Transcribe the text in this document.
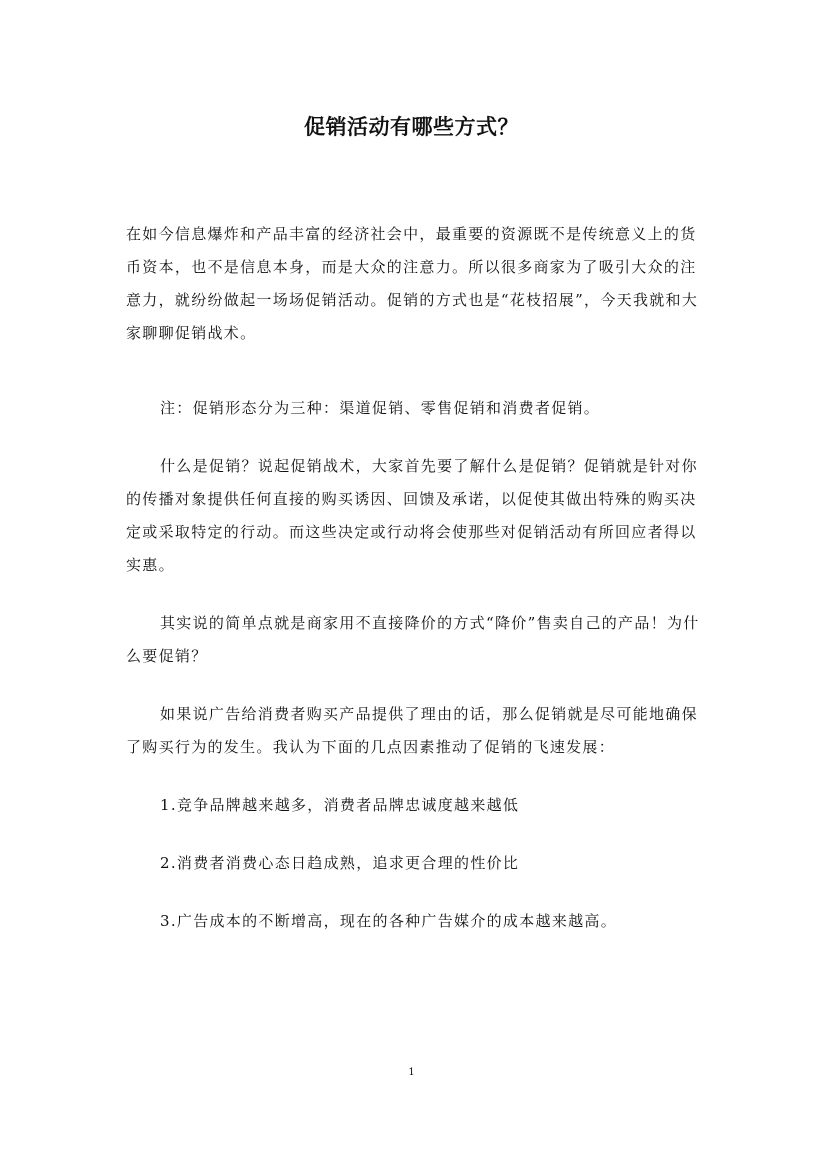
促销活动有哪些方式？

在如今信息爆炸和产品丰富的经济社会中，最重要的资源既不是传统意义上的货币资本，也不是信息本身，而是大众的注意力。所以很多商家为了吸引大众的注意力，就纷纷做起一场场促销活动。促销的方式也是“花枝招展”，今天我就和大家聊聊促销战术。

注：促销形态分为三种：渠道促销、零售促销和消费者促销。

什么是促销？说起促销战术，大家首先要了解什么是促销？促销就是针对你的传播对象提供任何直接的购买诱因、回馈及承诺，以促使其做出特殊的购买决定或采取特定的行动。而这些决定或行动将会使那些对促销活动有所回应者得以实惠。

其实说的简单点就是商家用不直接降价的方式“降价”售卖自己的产品！为什么要促销？

如果说广告给消费者购买产品提供了理由的话，那么促销就是尽可能地确保了购买行为的发生。我认为下面的几点因素推动了促销的飞速发展：

1.竞争品牌越来越多，消费者品牌忠诚度越来越低

2.消费者消费心态日趋成熟，追求更合理的性价比

3.广告成本的不断增高，现在的各种广告媒介的成本越来越高。

1
